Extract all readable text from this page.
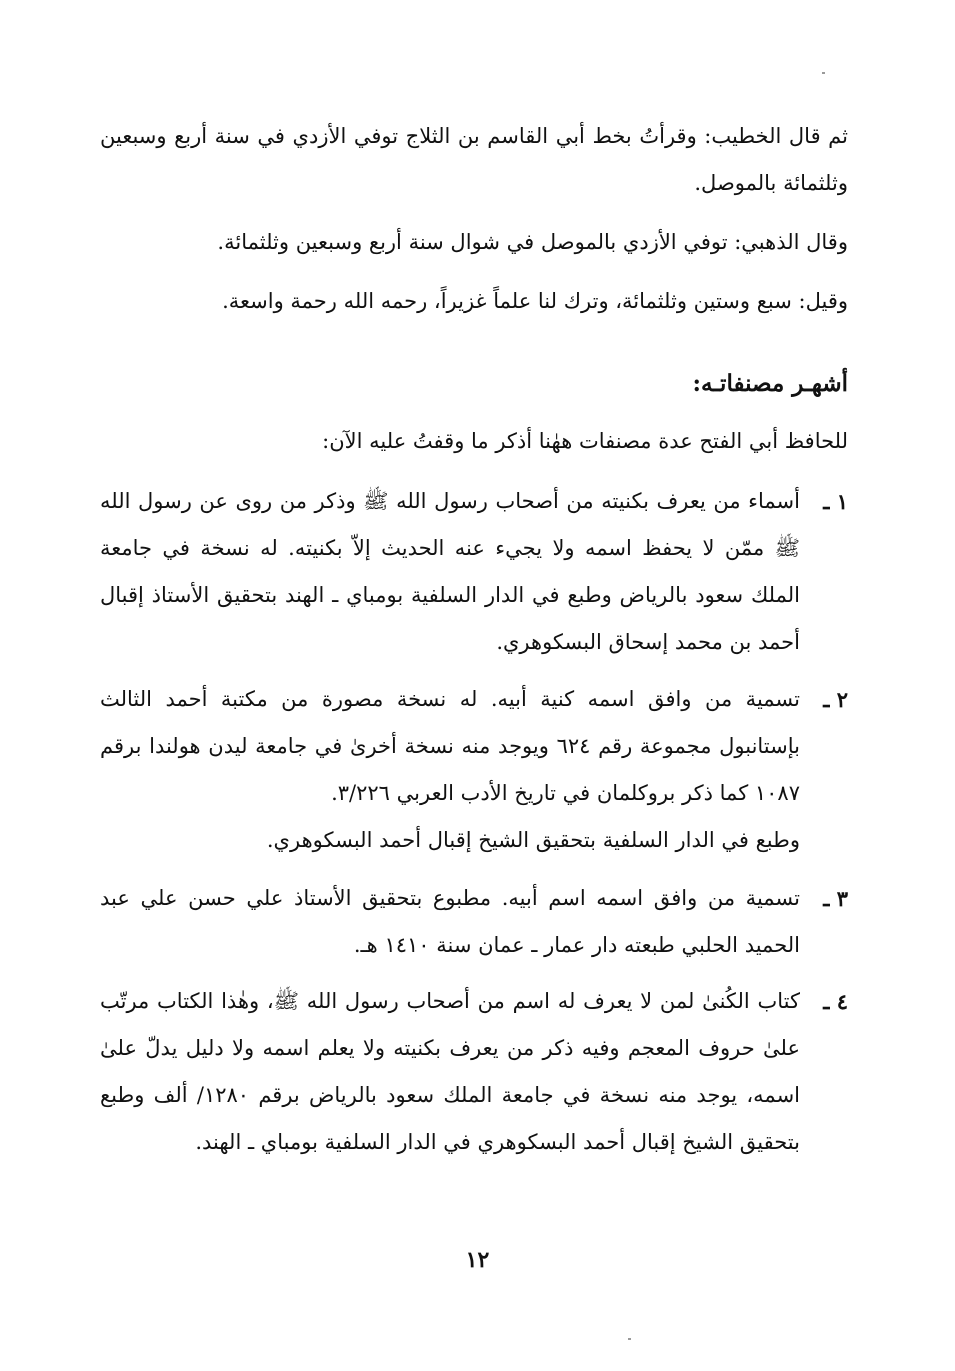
ثم قال الخطيب: وقرأتُ بخط أبي القاسم بن الثلاج توفي الأزدي في سنة أربع وسبعين وثلثمائة بالموصل.

وقال الذهبي: توفي الأزدي بالموصل في شوال سنة أربع وسبعين وثلثمائة.

وقيل: سبع وستين وثلثمائة، وترك لنا علماً غزيراً، رحمه الله رحمة واسعة.

أشهـر مصنفاتـه:

للحافظ أبي الفتح عدة مصنفات ههٰنا أذكر ما وقفتُ عليه الآن:

١ ـ
أسماء من يعرف بكنيته من أصحاب رسول الله ﷺ وذكر من روى عن رسول الله ﷺ ممّن لا يحفظ اسمه ولا يجيء عنه الحديث إلاّ بكنيته. له نسخة في جامعة الملك سعود بالرياض وطبع في الدار السلفية بومباي ـ الهند بتحقيق الأستاذ إقبال أحمد بن محمد إسحاق البسكوهري.
٢ ـ
تسمية من وافق اسمه كنية أبيه. له نسخة مصورة من مكتبة أحمد الثالث بإستانبول مجموعة رقم ٦٢٤ ويوجد منه نسخة أخرىٰ في جامعة ليدن هولندا برقم ١٠٨٧ كما ذكر بروكلمان في تاريخ الأدب العربي ٣/٢٢٦.
وطبع في الدار السلفية بتحقيق الشيخ إقبال أحمد البسكوهري.
٣ ـ
تسمية من وافق اسمه اسم أبيه. مطبوع بتحقيق الأستاذ علي حسن علي عبد الحميد الحلبي طبعته دار عمار ـ عمان سنة ١٤١٠ هـ.
٤ ـ
كتاب الكُنىٰ لمن لا يعرف له اسم من أصحاب رسول الله ﷺ، وهٰذا الكتاب مرتّب علىٰ حروف المعجم وفيه ذكر من يعرف بكنيته ولا يعلم اسمه ولا دليل يدلّ علىٰ اسمه، يوجد منه نسخة في جامعة الملك سعود بالرياض برقم ١٢٨٠/ ألف وطبع بتحقيق الشيخ إقبال أحمد البسكوهري في الدار السلفية بومباي ـ الهند.
١٢
